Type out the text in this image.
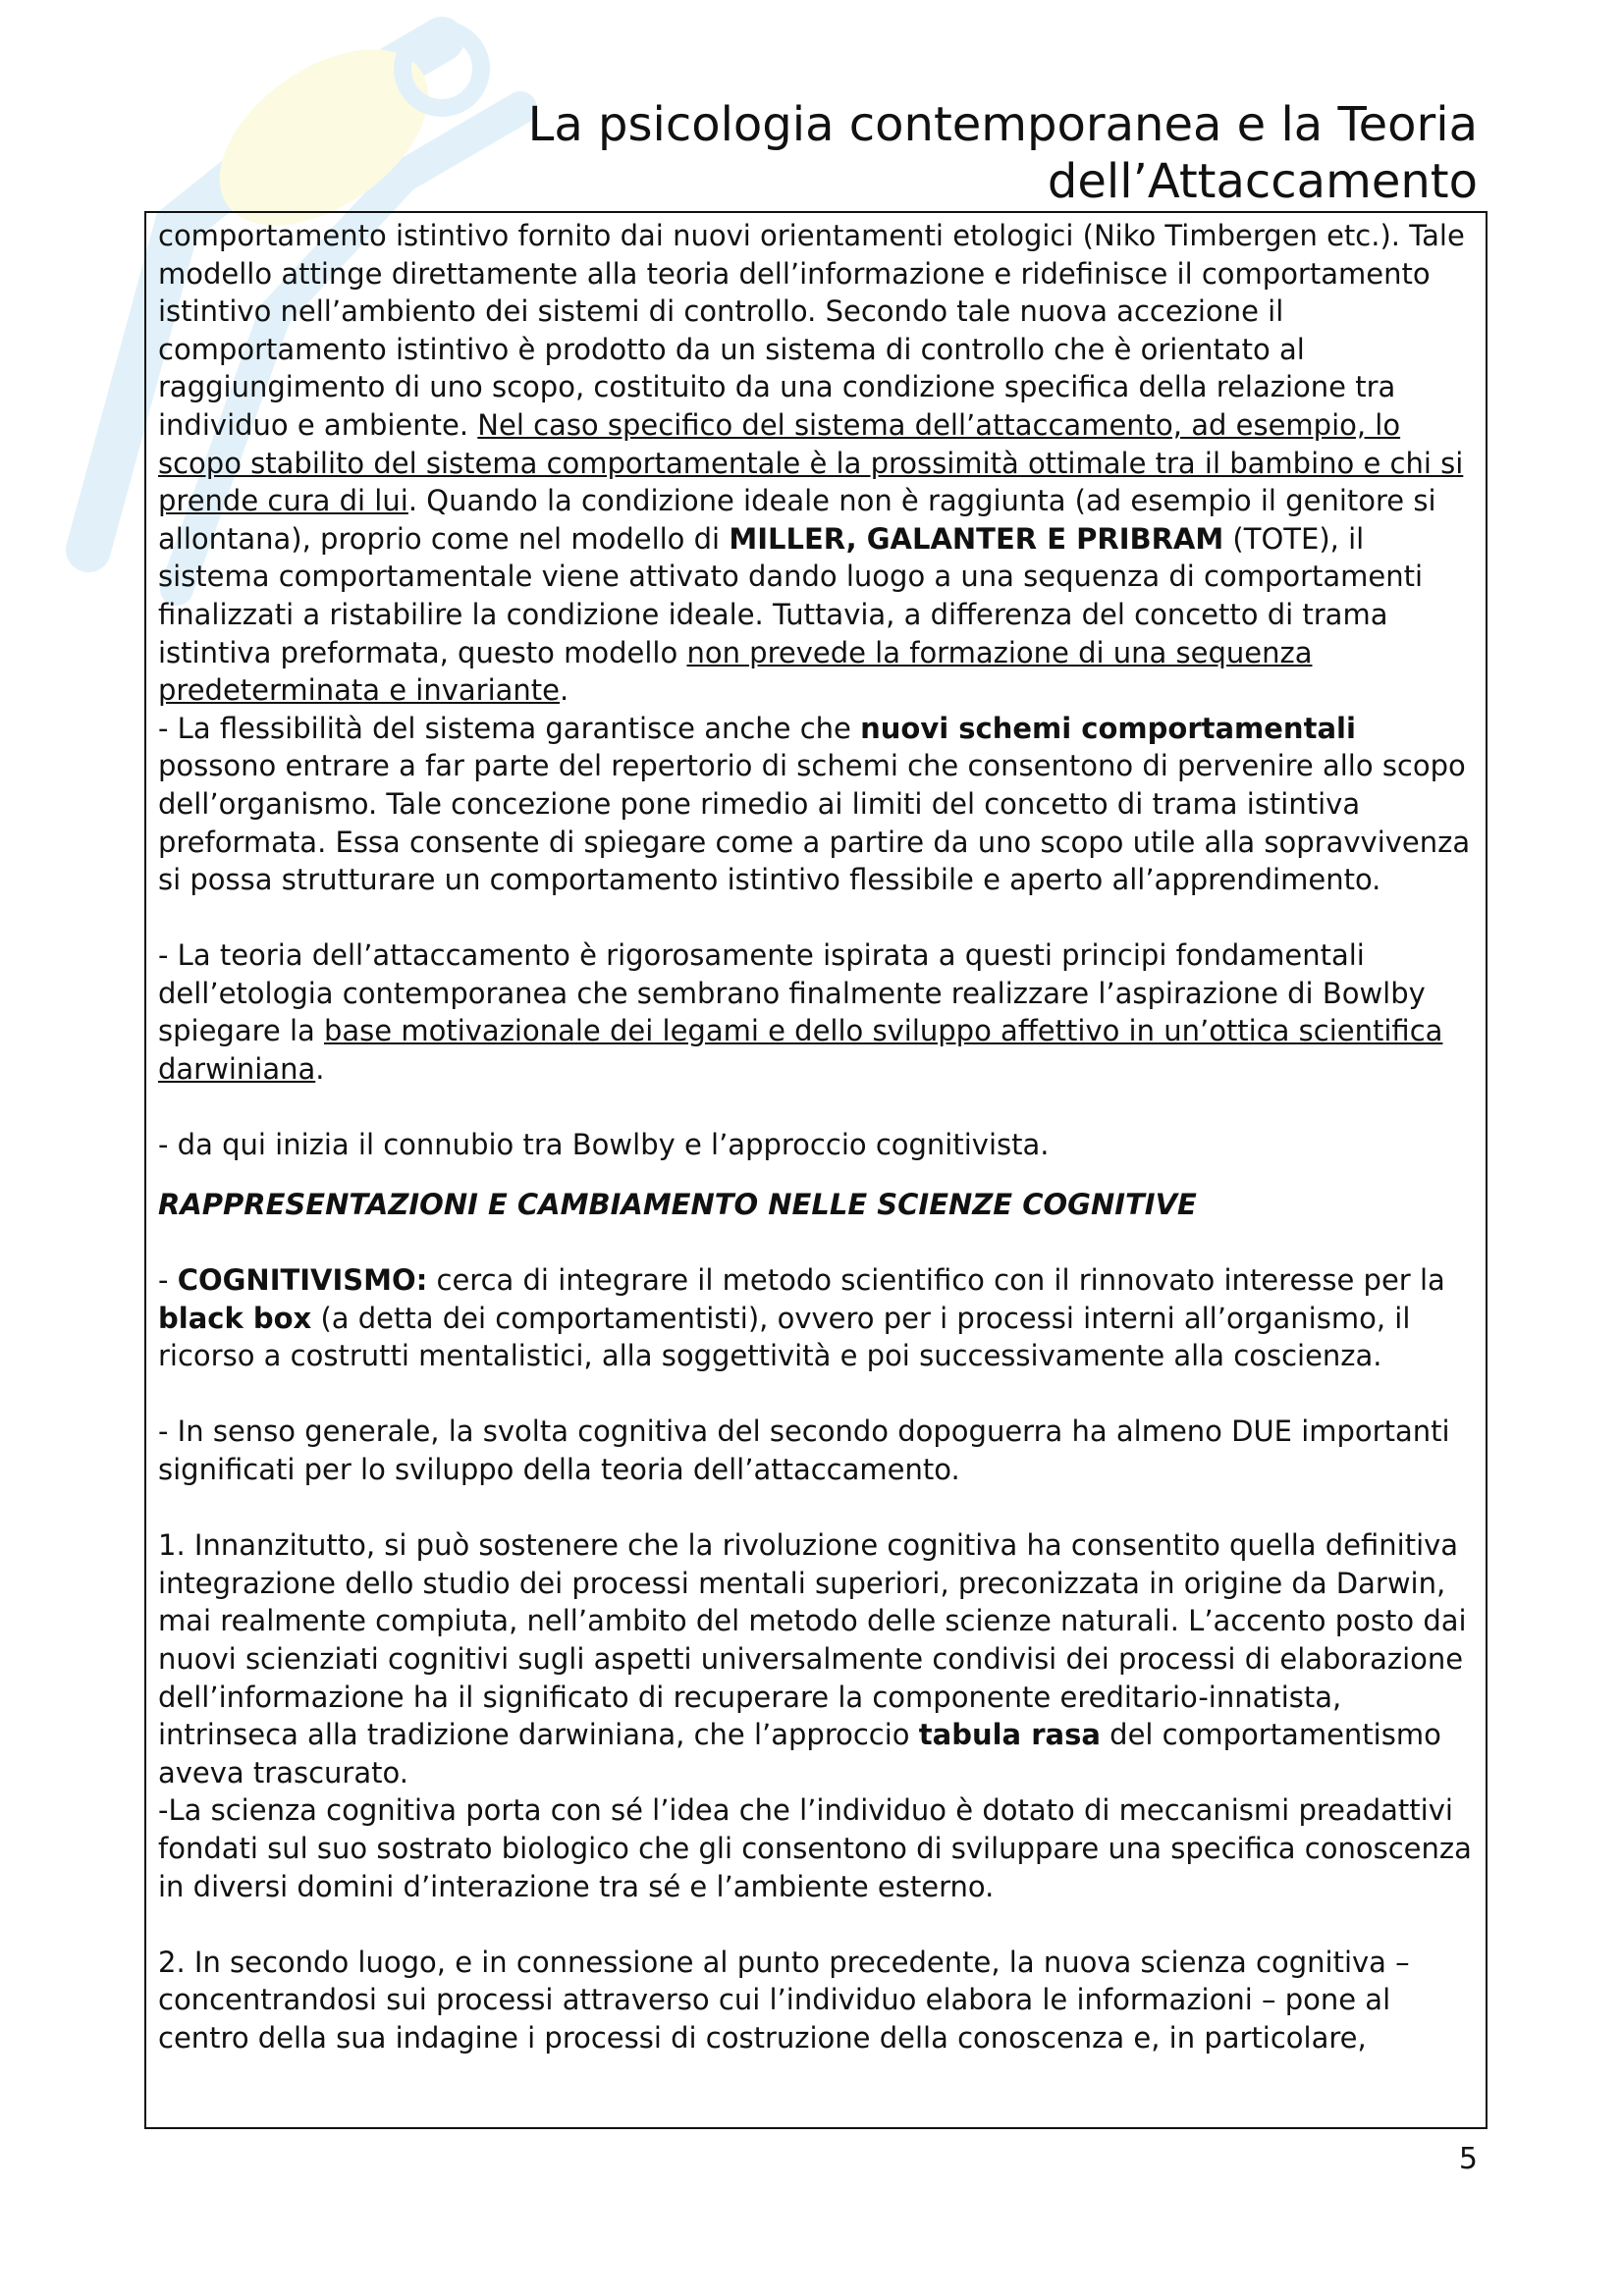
La psicologia contemporanea e la Teoria
dell’Attaccamento

comportamento istintivo fornito dai nuovi orientamenti etologici (Niko Timbergen etc.). Tale modello attinge direttamente alla teoria dell’informazione e ridefinisce il comportamento istintivo nell’ambiento dei sistemi di controllo. Secondo tale nuova accezione il comportamento istintivo è prodotto da un sistema di controllo che è orientato al raggiungimento di uno scopo, costituito da una condizione specifica della relazione tra individuo e ambiente. Nel caso specifico del sistema dell’attaccamento, ad esempio, lo scopo stabilito del sistema comportamentale è la prossimità ottimale tra il bambino e chi si prende cura di lui. Quando la condizione ideale non è raggiunta (ad esempio il genitore si allontana), proprio come nel modello di MILLER, GALANTER E PRIBRAM (TOTE), il sistema comportamentale viene attivato dando luogo a una sequenza di comportamenti finalizzati a ristabilire la condizione ideale. Tuttavia, a differenza del concetto di trama istintiva preformata, questo modello non prevede la formazione di una sequenza predeterminata e invariante.

- La flessibilità del sistema garantisce anche che nuovi schemi comportamentali possono entrare a far parte del repertorio di schemi che consentono di pervenire allo scopo dell’organismo. Tale concezione pone rimedio ai limiti del concetto di trama istintiva preformata. Essa consente di spiegare come a partire da uno scopo utile alla sopravvivenza si possa strutturare un comportamento istintivo flessibile e aperto all’apprendimento.

- La teoria dell’attaccamento è rigorosamente ispirata a questi principi fondamentali dell’etologia contemporanea che sembrano finalmente realizzare l’aspirazione di Bowlby spiegare la base motivazionale dei legami e dello sviluppo affettivo in un’ottica scientifica darwiniana.

- da qui inizia il connubio tra Bowlby e l’approccio cognitivista.

RAPPRESENTAZIONI E CAMBIAMENTO NELLE SCIENZE COGNITIVE

- COGNITIVISMO: cerca di integrare il metodo scientifico con il rinnovato interesse per la black box (a detta dei comportamentisti), ovvero per i processi interni all’organismo, il ricorso a costrutti mentalistici, alla soggettività e poi successivamente alla coscienza.

- In senso generale, la svolta cognitiva del secondo dopoguerra ha almeno DUE importanti significati per lo sviluppo della teoria dell’attaccamento.

1. Innanzitutto, si può sostenere che la rivoluzione cognitiva ha consentito quella definitiva integrazione dello studio dei processi mentali superiori, preconizzata in origine da Darwin, mai realmente compiuta, nell’ambito del metodo delle scienze naturali. L’accento posto dai nuovi scienziati cognitivi sugli aspetti universalmente condivisi dei processi di elaborazione dell’informazione ha il significato di recuperare la componente ereditario-innatista, intrinseca alla tradizione darwiniana, che l’approccio tabula rasa del comportamentismo aveva trascurato.

-La scienza cognitiva porta con sé l’idea che l’individuo è dotato di meccanismi preadattivi fondati sul suo sostrato biologico che gli consentono di sviluppare una specifica conoscenza in diversi domini d’interazione tra sé e l’ambiente esterno.

2. In secondo luogo, e in connessione al punto precedente, la nuova scienza cognitiva – concentrandosi sui processi attraverso cui l’individuo elabora le informazioni – pone al centro della sua indagine i processi di costruzione della conoscenza e, in particolare,

5
